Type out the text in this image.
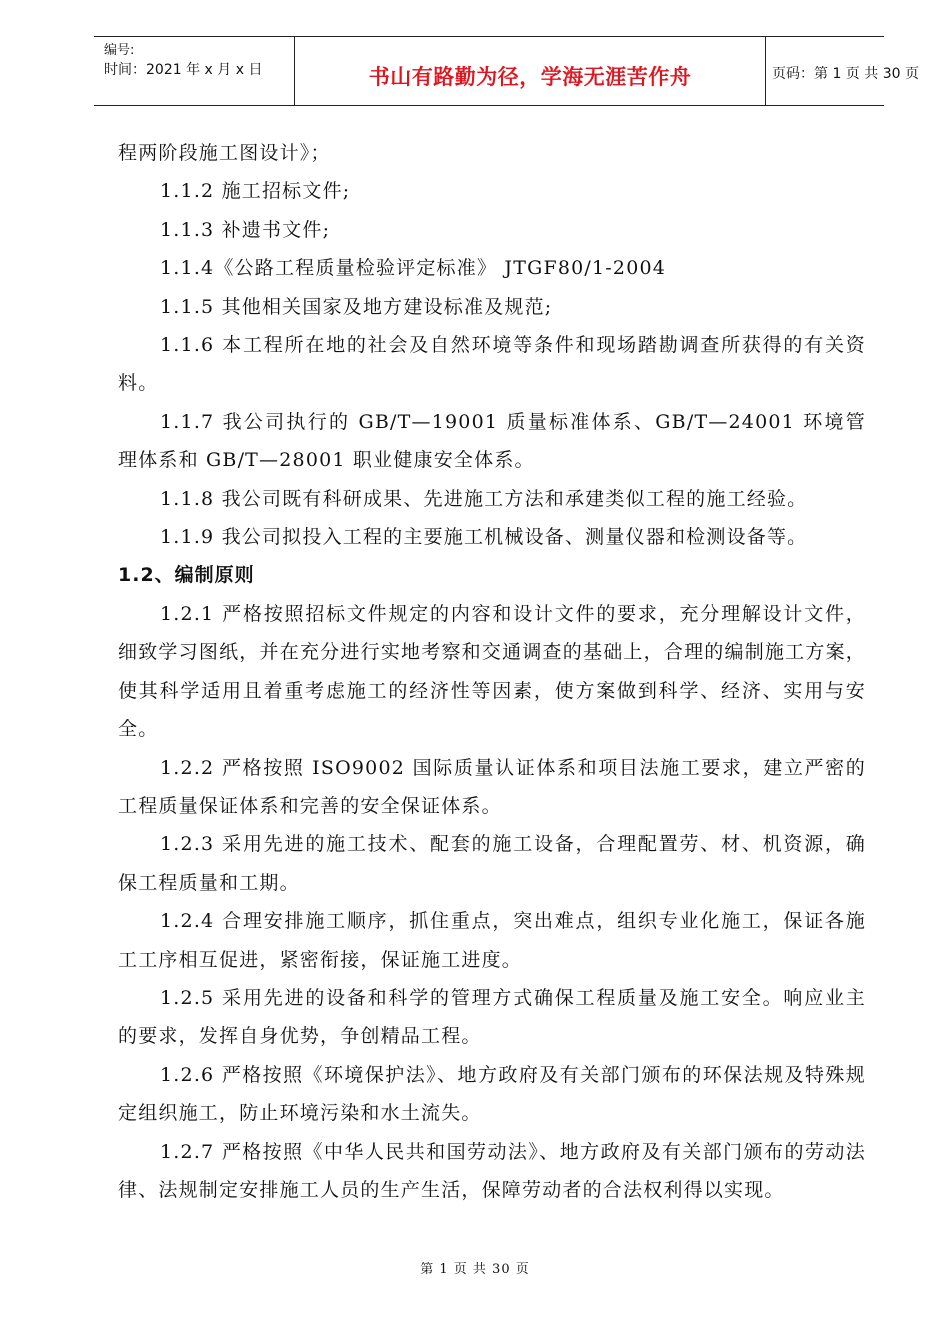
编号:
时间：2021 年 x 月 x 日	书山有路勤为径，学海无涯苦作舟	页码：第 1 页 共 30 页

程两阶段施工图设计》；

1.1.2 施工招标文件;

1.1.3 补遗书文件;

1.1.4《公路工程质量检验评定标准》 JTGF80/1-2004

1.1.5 其他相关国家及地方建设标准及规范;

1.1.6 本工程所在地的社会及自然环境等条件和现场踏勘调查所获得的有关资料。

1.1.7 我公司执行的 GB/T—19001 质量标准体系、GB/T—24001 环境管理体系和 GB/T—28001 职业健康安全体系。

1.1.8 我公司既有科研成果、先进施工方法和承建类似工程的施工经验。

1.1.9 我公司拟投入工程的主要施工机械设备、测量仪器和检测设备等。

1.2、编制原则

1.2.1 严格按照招标文件规定的内容和设计文件的要求，充分理解设计文件，细致学习图纸，并在充分进行实地考察和交通调查的基础上，合理的编制施工方案，使其科学适用且着重考虑施工的经济性等因素，使方案做到科学、经济、实用与安全。

1.2.2 严格按照 ISO9002 国际质量认证体系和项目法施工要求，建立严密的工程质量保证体系和完善的安全保证体系。

1.2.3 采用先进的施工技术、配套的施工设备，合理配置劳、材、机资源，确保工程质量和工期。

1.2.4 合理安排施工顺序，抓住重点，突出难点，组织专业化施工，保证各施工工序相互促进，紧密衔接，保证施工进度。

1.2.5 采用先进的设备和科学的管理方式确保工程质量及施工安全。响应业主的要求，发挥自身优势，争创精品工程。

1.2.6 严格按照《环境保护法》、地方政府及有关部门颁布的环保法规及特殊规定组织施工，防止环境污染和水土流失。

1.2.7 严格按照《中华人民共和国劳动法》、地方政府及有关部门颁布的劳动法律、法规制定安排施工人员的生产生活，保障劳动者的合法权利得以实现。

第 1 页 共 30 页
